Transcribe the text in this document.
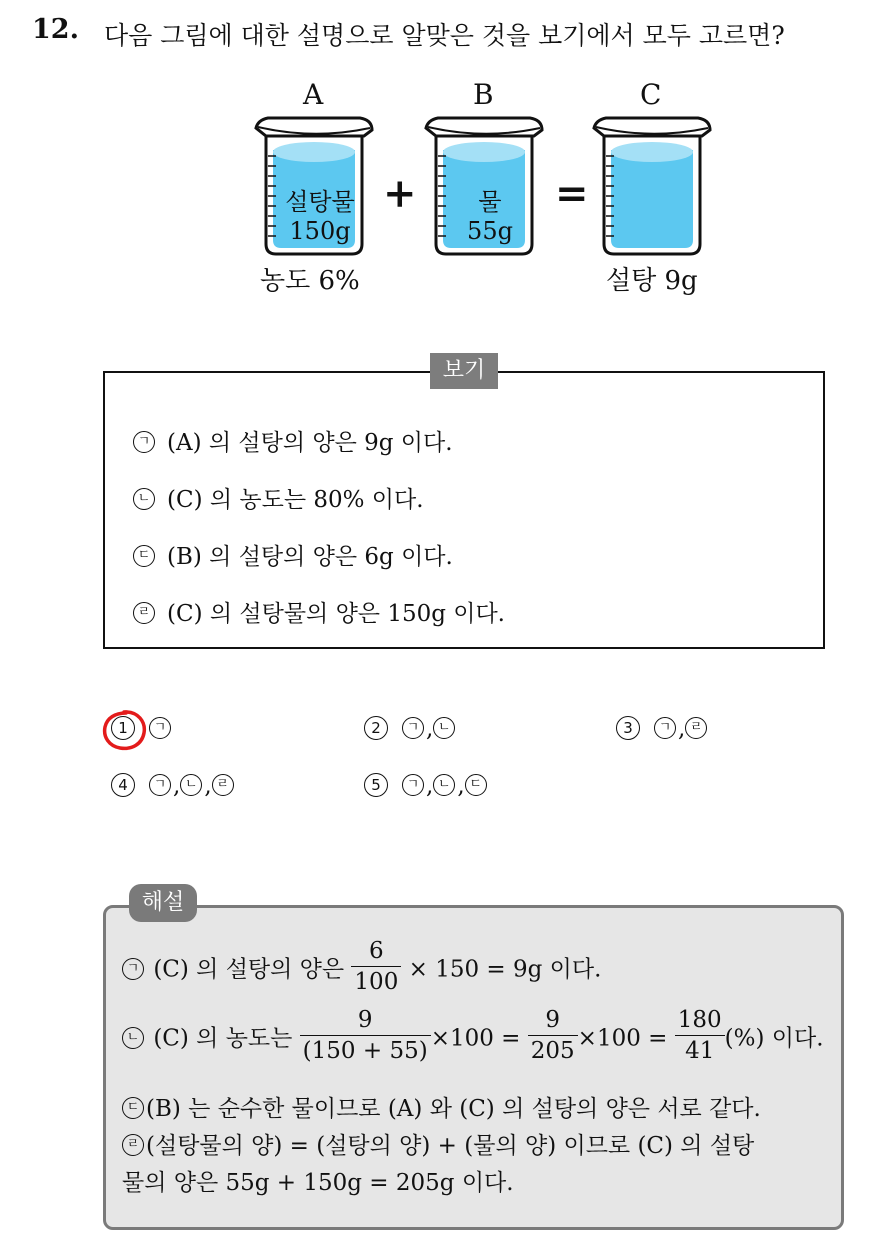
12. 다음 그림에 대한 설명으로 알맞은 것을 보기에서 모두 고르면?
A	B	C
설탕물
150g
물
55g
+	=
농도 6%	설탕 9g
보기
ㄱ (A) 의 설탕의 양은 9g 이다.
ㄴ (C) 의 농도는 80% 이다.
ㄷ (B) 의 설탕의 양은 6g 이다.
ㄹ (C) 의 설탕물의 양은 150g 이다.
1 ㄱ	2 ㄱ , ㄴ	3 ㄱ , ㄹ
4 ㄱ , ㄴ , ㄹ	5 ㄱ , ㄴ , ㄷ
해설
ㄱ (C) 의 설탕의 양은 $\frac{6}{100} \times 150 = 9g$ 이다.
ㄴ (C) 의 농도는 $\frac{9}{(150 + 55)} \times 100 = \frac{9}{205} \times 100 = \frac{180}{41}$ (%) 이다.
ㄷ (B) 는 순수한 물이므로 (A) 와 (C) 의 설탕의 양은 서로 같다.
ㄹ (설탕물의 양) = (설탕의 양) + (물의 양) 이므로 (C) 의 설탕
물의 양은 55g + 150g = 205g 이다.
